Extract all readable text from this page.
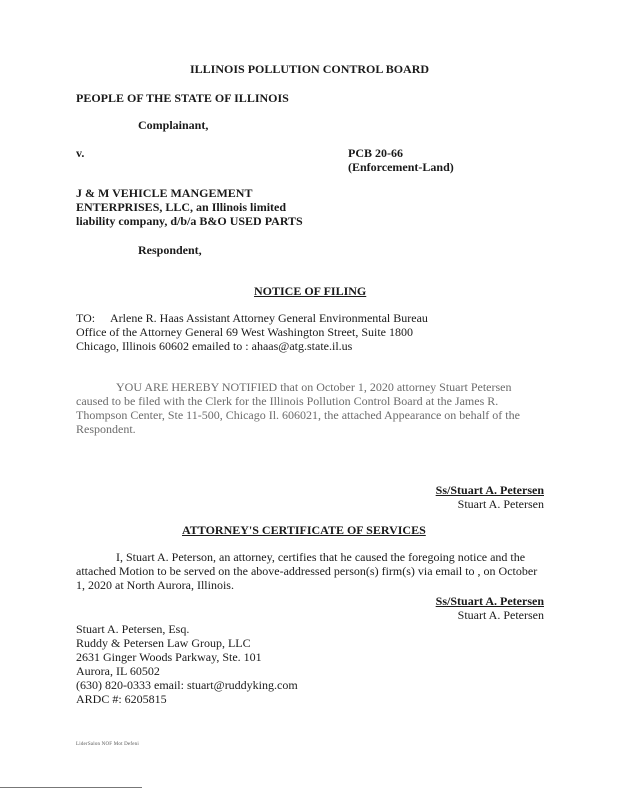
ILLINOIS POLLUTION CONTROL BOARD
PEOPLE OF THE STATE OF ILLINOIS
Complainant,
v.	PCB 20-66
(Enforcement-Land)
J & M VEHICLE MANGEMENT
ENTERPRISES, LLC, an Illinois limited
liability company, d/b/a B&O USED PARTS
Respondent,
NOTICE OF FILING
TO: Arlene R. Haas Assistant Attorney General Environmental Bureau
Office of the Attorney General 69 West Washington Street, Suite 1800
Chicago, Illinois 60602 emailed to : ahaas@atg.state.il.us
YOU ARE HEREBY NOTIFIED that on October 1, 2020 attorney Stuart Petersen
caused to be filed with the Clerk for the Illinois Pollution Control Board at the James R.
Thompson Center, Ste 11-500, Chicago Il. 606021, the attached Appearance on behalf of the
Respondent.
Ss/Stuart A. Petersen
Stuart A. Petersen
ATTORNEY'S CERTIFICATE OF SERVICES
I, Stuart A. Peterson, an attorney, certifies that he caused the foregoing notice and the
attached Motion to be served on the above-addressed person(s) firm(s) via email to , on October
1, 2020 at North Aurora, Illinois.
Ss/Stuart A. Petersen
Stuart A. Petersen
Stuart A. Petersen, Esq.
Ruddy & Petersen Law Group, LLC
2631 Ginger Woods Parkway, Ste. 101
Aurora, IL 60502
(630) 820-0333 email: stuart@ruddyking.com
ARDC #: 6205815
LiderSalon NOF Mot Defeni
